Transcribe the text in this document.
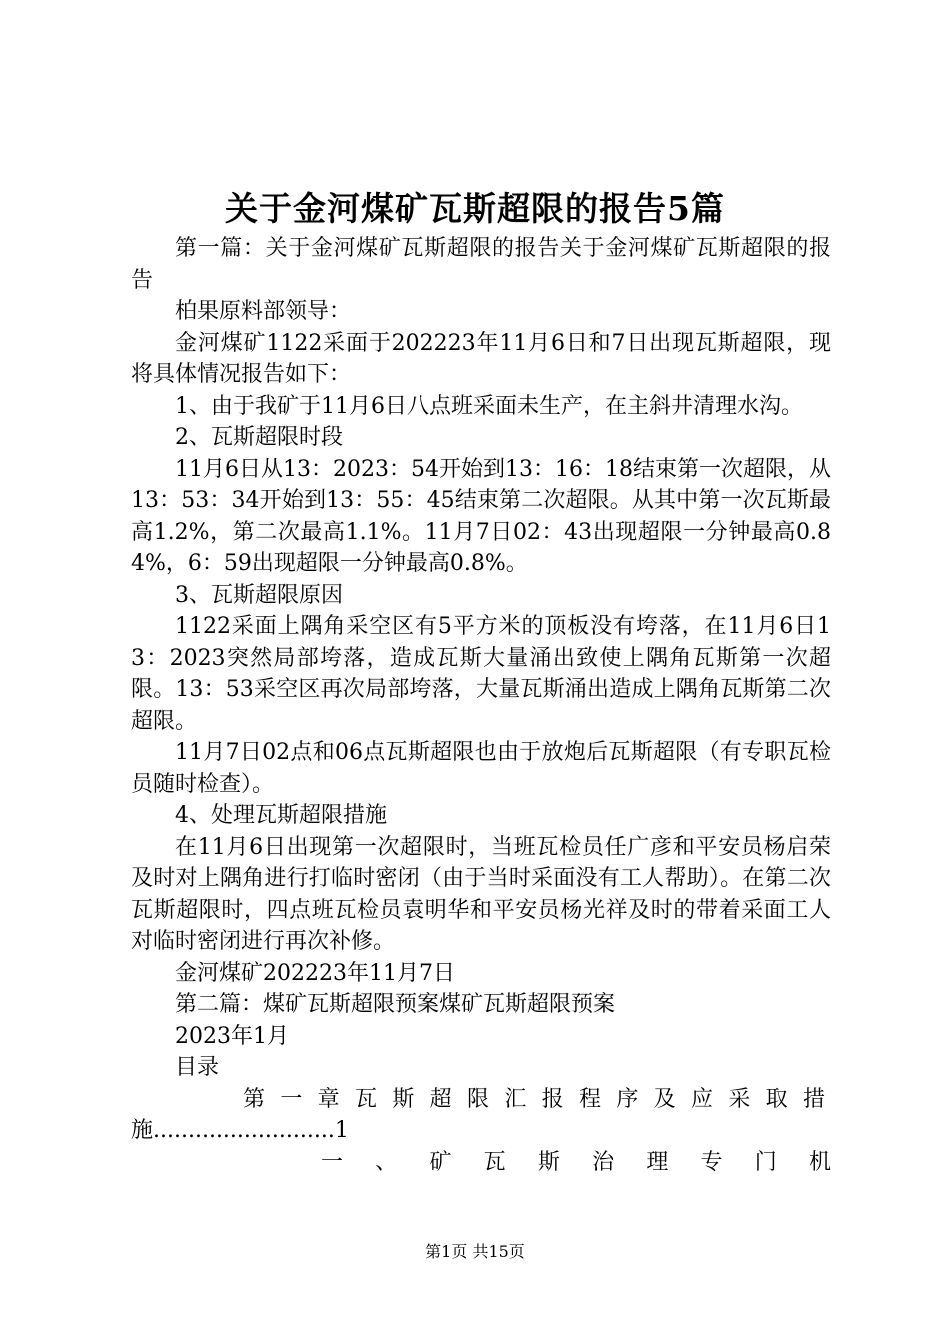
关于金河煤矿瓦斯超限的报告5篇

第一篇：关于金河煤矿瓦斯超限的报告关于金河煤矿瓦斯超限的报告

柏果原料部领导：

金河煤矿1122采面于202223年11月6日和7日出现瓦斯超限，现将具体情况报告如下：

1、由于我矿于11月6日八点班采面未生产，在主斜井清理水沟。

2、瓦斯超限时段

11月6日从13：2023：54开始到13：16：18结束第一次超限，从13：53：34开始到13：55：45结束第二次超限。从其中第一次瓦斯最高1.2%，第二次最高1.1%。11月7日02：43出现超限一分钟最高0.84%，6：59出现超限一分钟最高0.8%。

3、瓦斯超限原因

1122采面上隅角采空区有5平方米的顶板没有垮落，在11月6日13：2023突然局部垮落，造成瓦斯大量涌出致使上隅角瓦斯第一次超限。13：53采空区再次局部垮落，大量瓦斯涌出造成上隅角瓦斯第二次超限。

11月7日02点和06点瓦斯超限也由于放炮后瓦斯超限（有专职瓦检员随时检查）。

4、处理瓦斯超限措施

在11月6日出现第一次超限时，当班瓦检员任广彦和平安员杨启荣及时对上隅角进行打临时密闭（由于当时采面没有工人帮助）。在第二次瓦斯超限时，四点班瓦检员袁明华和平安员杨光祥及时的带着采面工人对临时密闭进行再次补修。

金河煤矿202223年11月7日

第二篇：煤矿瓦斯超限预案煤矿瓦斯超限预案

2023年1月

目录

第一章瓦斯超限汇报程序及应采取措
施..........................1
一、矿瓦斯治理专门机
第1页 共15页
